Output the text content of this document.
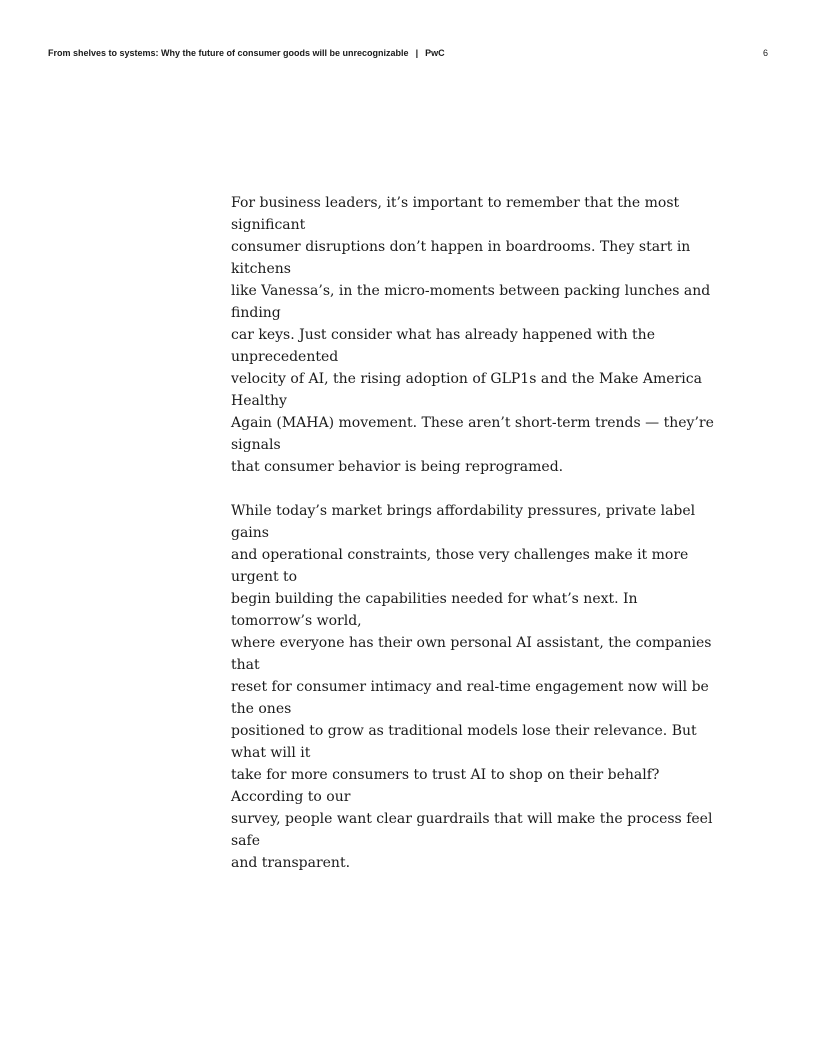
From shelves to systems: Why the future of consumer goods will be unrecognizable | PwC	6

For business leaders, it’s important to remember that the most significant
consumer disruptions don’t happen in boardrooms. They start in kitchens
like Vanessa’s, in the micro-moments between packing lunches and finding
car keys. Just consider what has already happened with the unprecedented
velocity of AI, the rising adoption of GLP1s and the Make America Healthy
Again (MAHA) movement. These aren’t short-term trends — they’re signals
that consumer behavior is being reprogramed.

While today’s market brings affordability pressures, private label gains
and operational constraints, those very challenges make it more urgent to
begin building the capabilities needed for what’s next. In tomorrow’s world,
where everyone has their own personal AI assistant, the companies that
reset for consumer intimacy and real-time engagement now will be the ones
positioned to grow as traditional models lose their relevance. But what will it
take for more consumers to trust AI to shop on their behalf? According to our
survey, people want clear guardrails that will make the process feel safe
and transparent.
